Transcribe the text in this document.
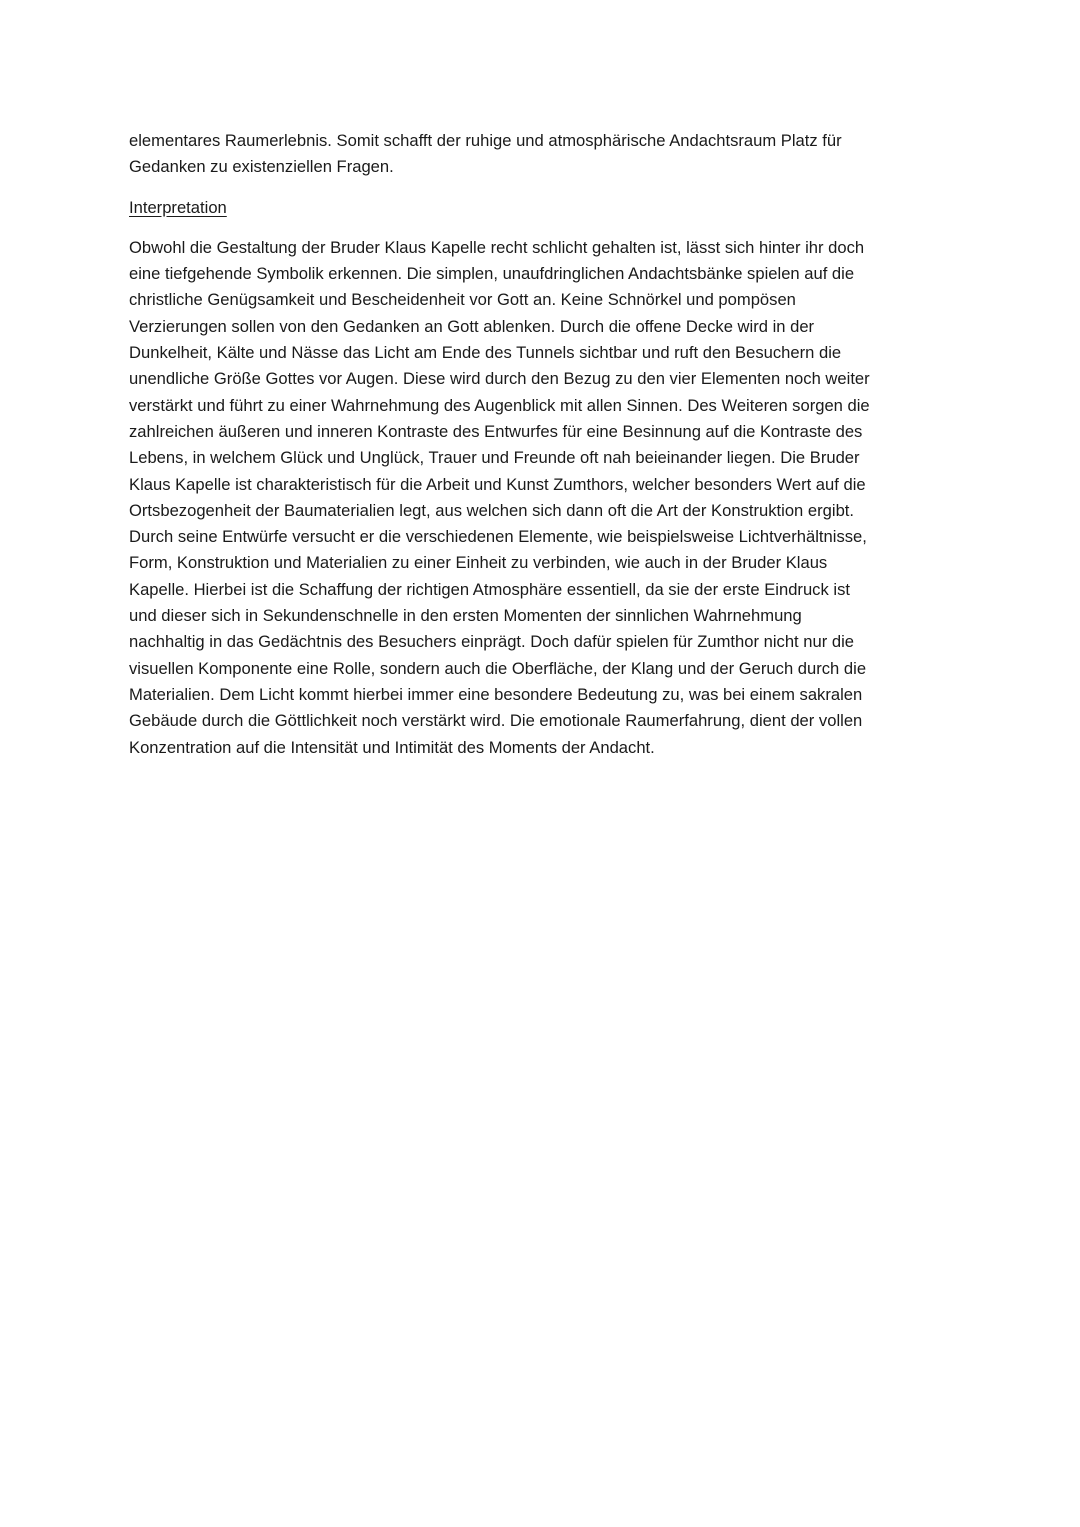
elementares Raumerlebnis. Somit schafft der ruhige und atmosphärische Andachtsraum Platz für
Gedanken zu existenziellen Fragen.

Interpretation

Obwohl die Gestaltung der Bruder Klaus Kapelle recht schlicht gehalten ist, lässt sich hinter ihr doch
eine tiefgehende Symbolik erkennen. Die simplen, unaufdringlichen Andachtsbänke spielen auf die
christliche Genügsamkeit und Bescheidenheit vor Gott an. Keine Schnörkel und pompösen
Verzierungen sollen von den Gedanken an Gott ablenken. Durch die offene Decke wird in der
Dunkelheit, Kälte und Nässe das Licht am Ende des Tunnels sichtbar und ruft den Besuchern die
unendliche Größe Gottes vor Augen. Diese wird durch den Bezug zu den vier Elementen noch weiter
verstärkt und führt zu einer Wahrnehmung des Augenblick mit allen Sinnen. Des Weiteren sorgen die
zahlreichen äußeren und inneren Kontraste des Entwurfes für eine Besinnung auf die Kontraste des
Lebens, in welchem Glück und Unglück, Trauer und Freunde oft nah beieinander liegen. Die Bruder
Klaus Kapelle ist charakteristisch für die Arbeit und Kunst Zumthors, welcher besonders Wert auf die
Ortsbezogenheit der Baumaterialien legt, aus welchen sich dann oft die Art der Konstruktion ergibt.
Durch seine Entwürfe versucht er die verschiedenen Elemente, wie beispielsweise Lichtverhältnisse,
Form, Konstruktion und Materialien zu einer Einheit zu verbinden, wie auch in der Bruder Klaus
Kapelle. Hierbei ist die Schaffung der richtigen Atmosphäre essentiell, da sie der erste Eindruck ist
und dieser sich in Sekundenschnelle in den ersten Momenten der sinnlichen Wahrnehmung
nachhaltig in das Gedächtnis des Besuchers einprägt. Doch dafür spielen für Zumthor nicht nur die
visuellen Komponente eine Rolle, sondern auch die Oberfläche, der Klang und der Geruch durch die
Materialien. Dem Licht kommt hierbei immer eine besondere Bedeutung zu, was bei einem sakralen
Gebäude durch die Göttlichkeit noch verstärkt wird. Die emotionale Raumerfahrung, dient der vollen
Konzentration auf die Intensität und Intimität des Moments der Andacht.
